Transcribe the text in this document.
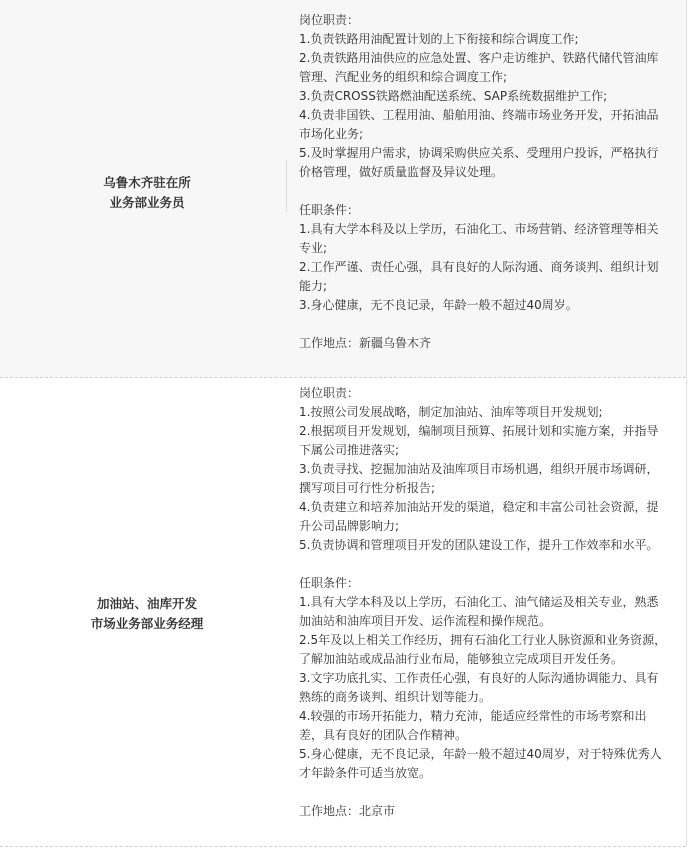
乌鲁木齐驻在所
业务部业务员
岗位职责：
1.负责铁路用油配置计划的上下衔接和综合调度工作;
2.负责铁路用油供应的应急处置、客户走访维护、铁路代储代管油库
管理、汽配业务的组织和综合调度工作;
3.负责CROSS铁路燃油配送系统、SAP系统数据维护工作;
4.负责非国铁、工程用油、船舶用油、终端市场业务开发，开拓油品
市场化业务;
5.及时掌握用户需求，协调采购供应关系、受理用户投诉，严格执行
价格管理，做好质量监督及异议处理。
任职条件：
1.具有大学本科及以上学历，石油化工、市场营销、经济管理等相关
专业;
2.工作严谨、责任心强，具有良好的人际沟通、商务谈判、组织计划
能力;
3.身心健康，无不良记录，年龄一般不超过40周岁。
工作地点：新疆乌鲁木齐
加油站、油库开发
市场业务部业务经理
岗位职责：
1.按照公司发展战略，制定加油站、油库等项目开发规划;
2.根据项目开发规划，编制项目预算、拓展计划和实施方案，并指导
下属公司推进落实;
3.负责寻找、挖掘加油站及油库项目市场机遇，组织开展市场调研，
撰写项目可行性分析报告;
4.负责建立和培养加油站开发的渠道，稳定和丰富公司社会资源，提
升公司品牌影响力;
5.负责协调和管理项目开发的团队建设工作，提升工作效率和水平。
任职条件：
1.具有大学本科及以上学历，石油化工、油气储运及相关专业，熟悉
加油站和油库项目开发、运作流程和操作规范。
2.5年及以上相关工作经历，拥有石油化工行业人脉资源和业务资源，
了解加油站或成品油行业布局，能够独立完成项目开发任务。
3.文字功底扎实、工作责任心强，有良好的人际沟通协调能力、具有
熟练的商务谈判、组织计划等能力。
4.较强的市场开拓能力，精力充沛，能适应经常性的市场考察和出
差，具有良好的团队合作精神。
5.身心健康，无不良记录，年龄一般不超过40周岁，对于特殊优秀人
才年龄条件可适当放宽。
工作地点：北京市
